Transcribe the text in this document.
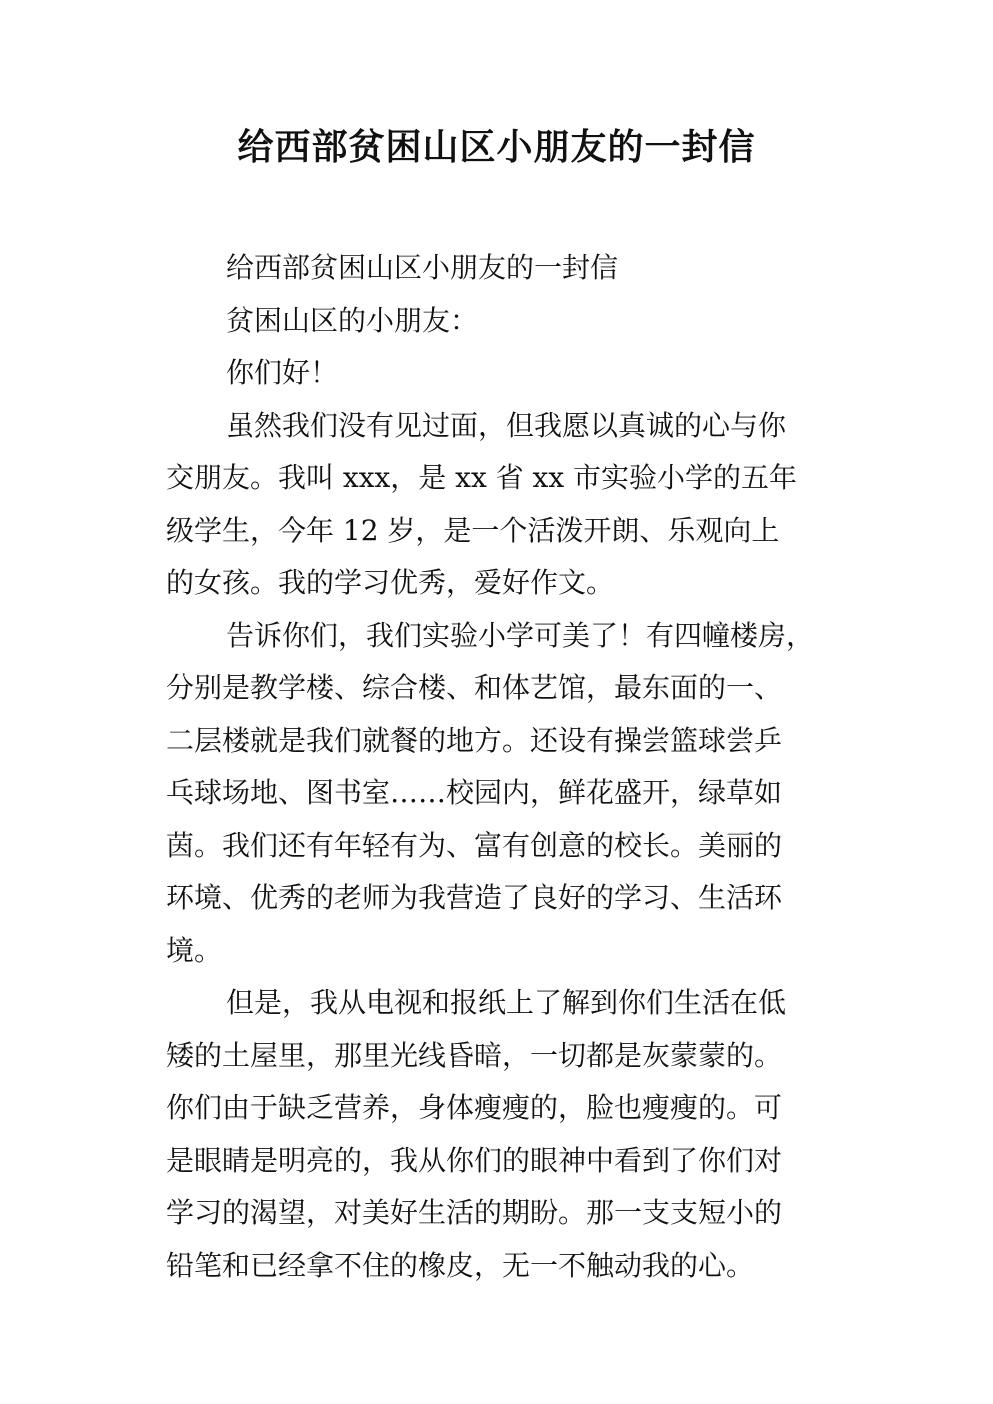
给西部贫困山区小朋友的一封信
给西部贫困山区小朋友的一封信
贫困山区的小朋友：
你们好！
虽然我们没有见过面，但我愿以真诚的心与你
交朋友。我叫 xxx，是 xx 省 xx 市实验小学的五年
级学生，今年 12 岁，是一个活泼开朗、乐观向上
的女孩。我的学习优秀，爱好作文。
告诉你们，我们实验小学可美了！有四幢楼房，
分别是教学楼、综合楼、和体艺馆，最东面的一、
二层楼就是我们就餐的地方。还设有操尝篮球尝乒
乓球场地、图书室……校园内，鲜花盛开，绿草如
茵。我们还有年轻有为、富有创意的校长。美丽的
环境、优秀的老师为我营造了良好的学习、生活环
境。
但是，我从电视和报纸上了解到你们生活在低
矮的土屋里，那里光线昏暗，一切都是灰蒙蒙的。
你们由于缺乏营养，身体瘦瘦的，脸也瘦瘦的。可
是眼睛是明亮的，我从你们的眼神中看到了你们对
学习的渴望，对美好生活的期盼。那一支支短小的
铅笔和已经拿不住的橡皮，无一不触动我的心。
